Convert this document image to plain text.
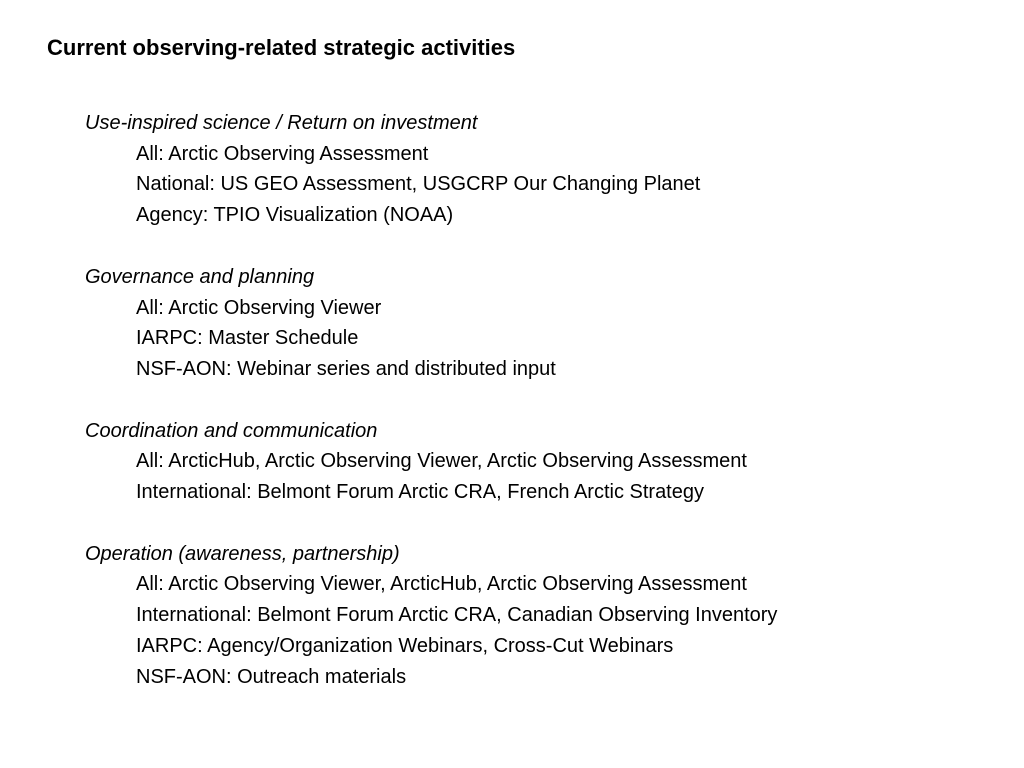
Current observing-related strategic activities
Use-inspired science / Return on investment
All: Arctic Observing Assessment
National: US GEO Assessment, USGCRP Our Changing Planet
Agency: TPIO Visualization (NOAA)
Governance and planning
All: Arctic Observing Viewer
IARPC: Master Schedule
NSF-AON: Webinar series and distributed input
Coordination and communication
All: ArcticHub, Arctic Observing Viewer, Arctic Observing Assessment
International: Belmont Forum Arctic CRA, French Arctic Strategy
Operation (awareness, partnership)
All: Arctic Observing Viewer, ArcticHub, Arctic Observing Assessment
International: Belmont Forum Arctic CRA, Canadian Observing Inventory
IARPC: Agency/Organization Webinars, Cross-Cut Webinars
NSF-AON: Outreach materials
